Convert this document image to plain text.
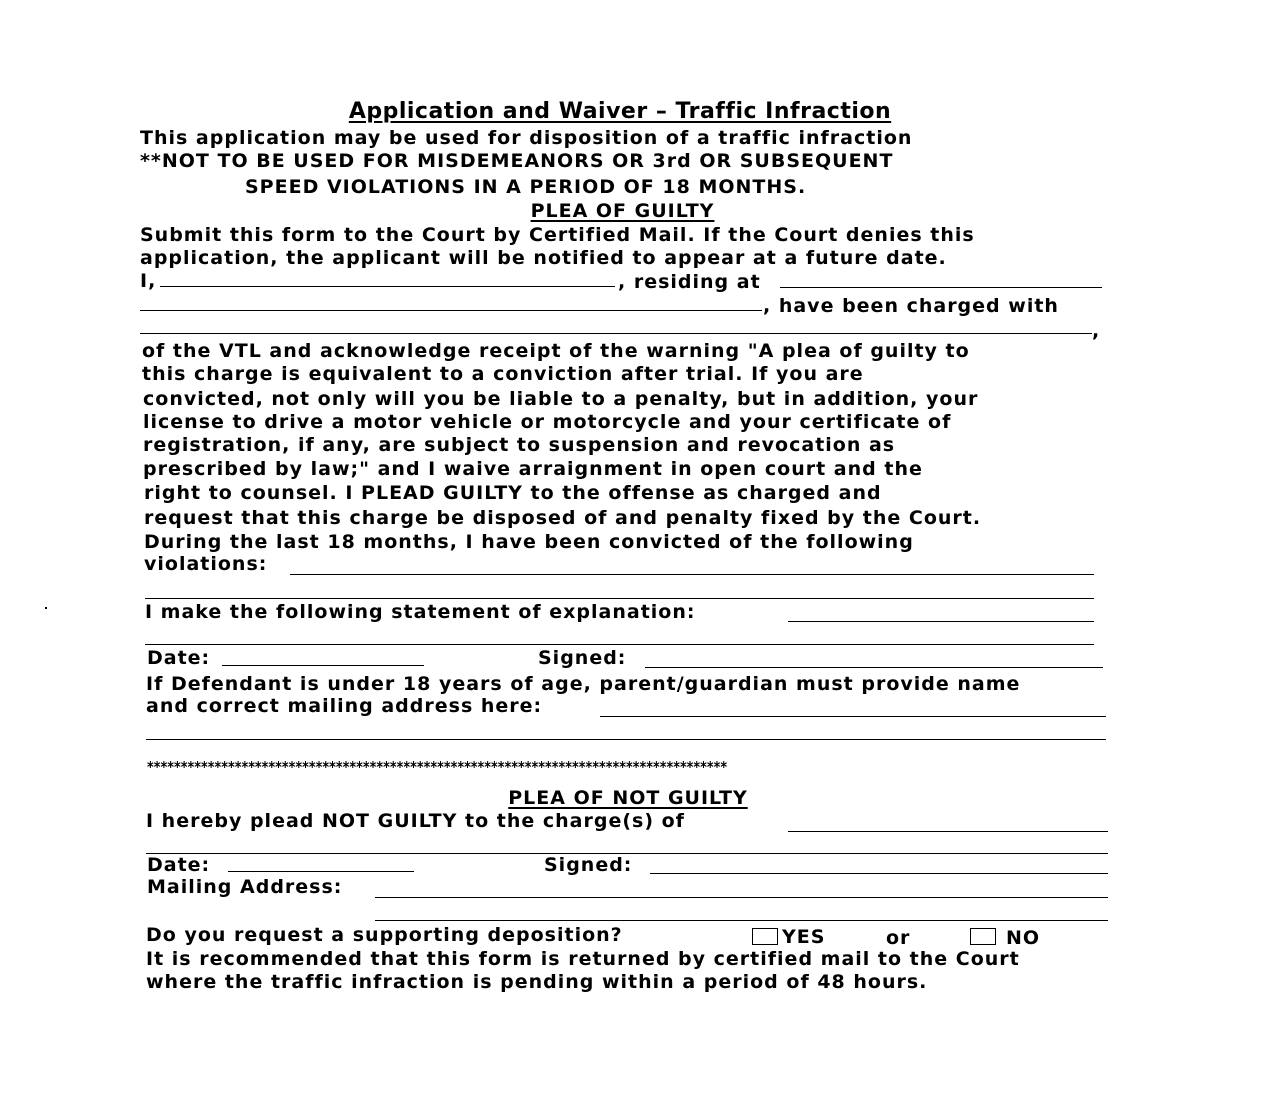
Application and Waiver – Traffic Infraction
This application may be used for disposition of a traffic infraction
**NOT TO BE USED FOR MISDEMEANORS OR 3rd OR SUBSEQUENT
SPEED VIOLATIONS IN A PERIOD OF 18 MONTHS.
PLEA OF GUILTY
Submit this form to the Court by Certified Mail. If the Court denies this
application, the applicant will be notified to appear at a future date.
I,	, residing at
, have been charged with
,
of the VTL and acknowledge receipt of the warning "A plea of guilty to
this charge is equivalent to a conviction after trial. If you are
convicted, not only will you be liable to a penalty, but in addition, your
license to drive a motor vehicle or motorcycle and your certificate of
registration, if any, are subject to suspension and revocation as
prescribed by law;" and I waive arraignment in open court and the
right to counsel. I PLEAD GUILTY to the offense as charged and
request that this charge be disposed of and penalty fixed by the Court.
During the last 18 months, I have been convicted of the following
violations:
I make the following statement of explanation:
Date:	Signed:
If Defendant is under 18 years of age, parent/guardian must provide name
and correct mailing address here:
**************************************************************************************
PLEA OF NOT GUILTY
I hereby plead NOT GUILTY to the charge(s) of
Date:	Signed:
Mailing Address:
Do you request a supporting deposition?	YES	or	NO
It is recommended that this form is returned by certified mail to the Court
where the traffic infraction is pending within a period of 48 hours.
